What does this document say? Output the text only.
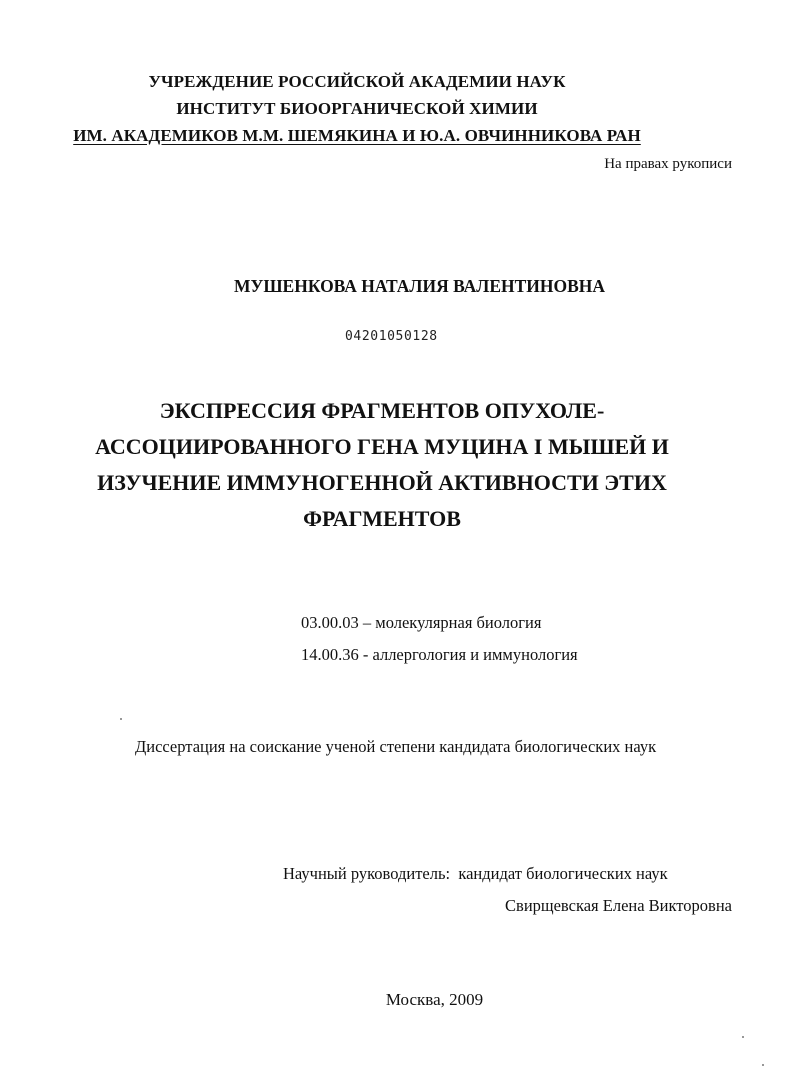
УЧРЕЖДЕНИЕ РОССИЙСКОЙ АКАДЕМИИ НАУК
ИНСТИТУТ БИООРГАНИЧЕСКОЙ ХИМИИ
ИМ. АКАДЕМИКОВ М.М. ШЕМЯКИНА И Ю.А. ОВЧИННИКОВА РАН
На правах рукописи
МУШЕНКОВА НАТАЛИЯ ВАЛЕНТИНОВНА
04201050128
ЭКСПРЕССИЯ ФРАГМЕНТОВ ОПУХОЛЕ-
АССОЦИИРОВАННОГО ГЕНА МУЦИНА I МЫШЕЙ И
ИЗУЧЕНИЕ ИММУНОГЕННОЙ АКТИВНОСТИ ЭТИХ
ФРАГМЕНТОВ
03.00.03 – молекулярная биология
14.00.36 - аллергология и иммунология
Диссертация на соискание ученой степени кандидата биологических наук
Научный руководитель:  кандидат биологических наук
Свирщевская Елена Викторовна
Москва, 2009
